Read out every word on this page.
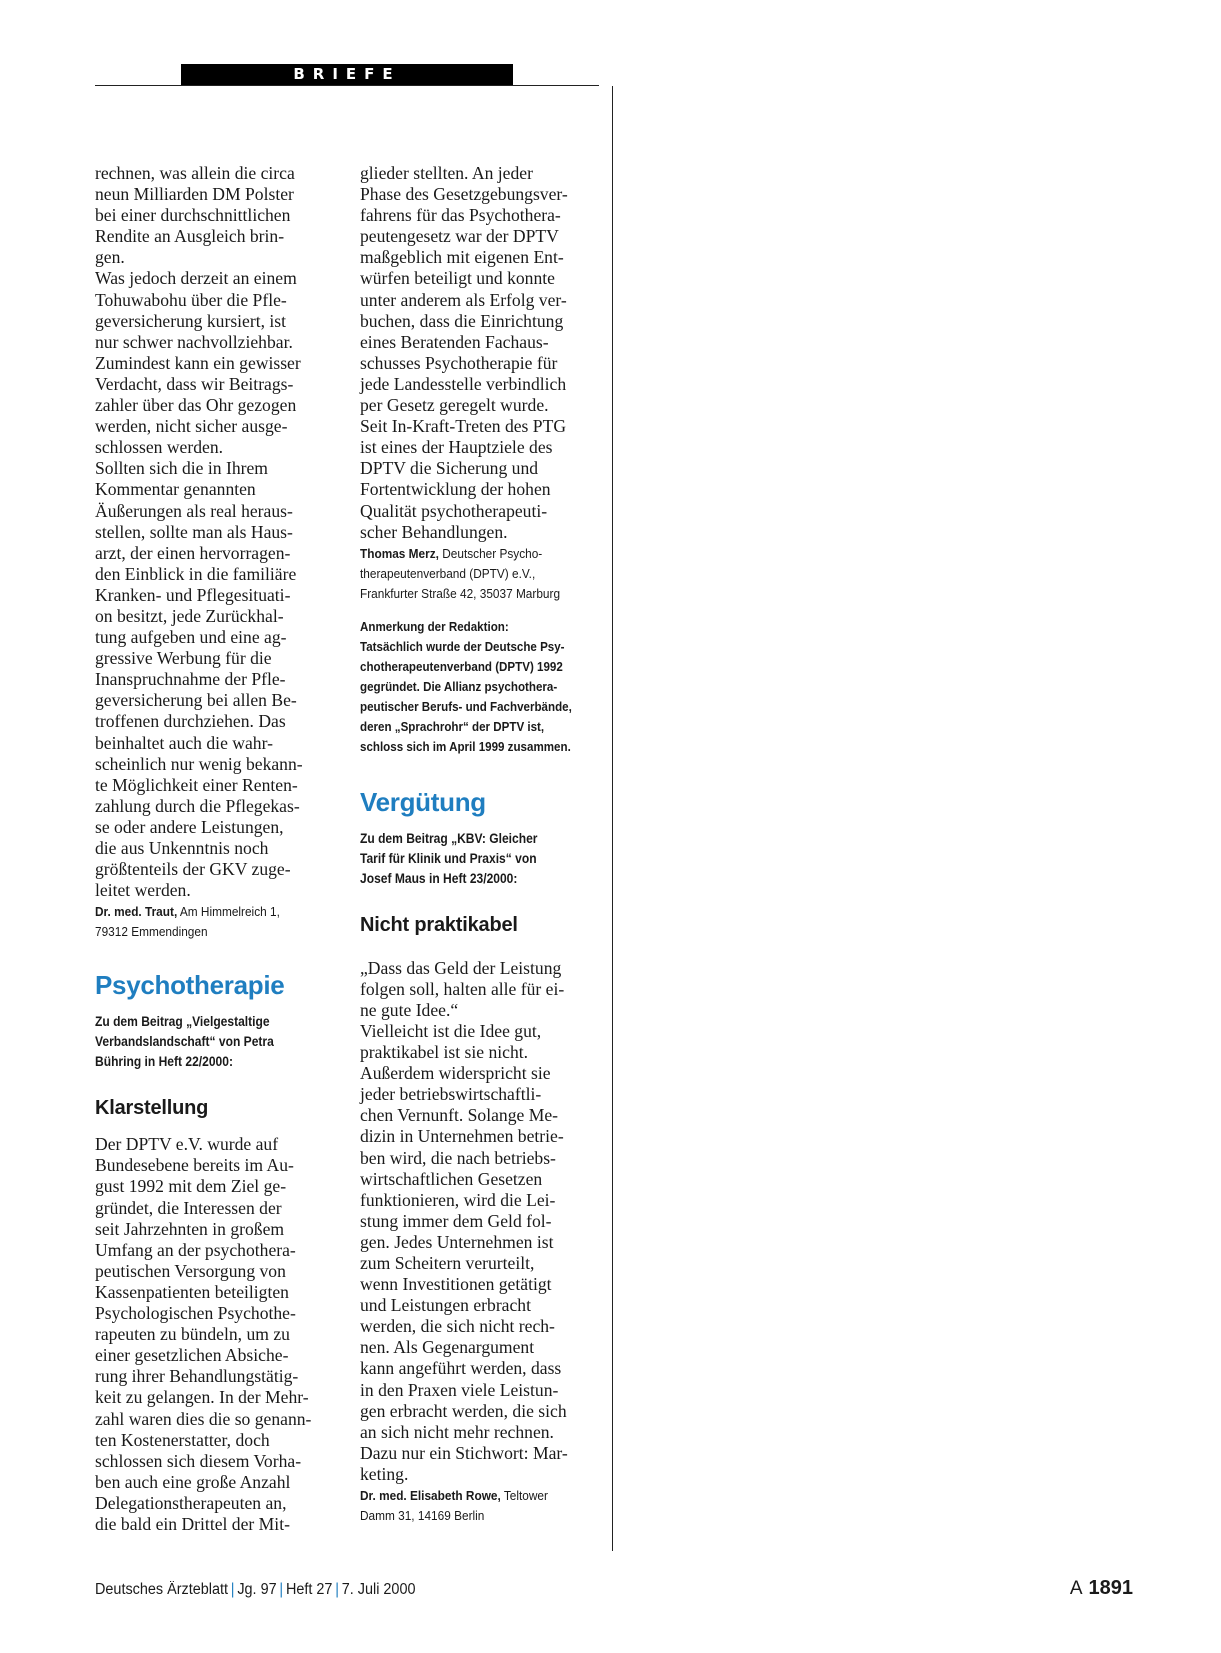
BRIEFE
rechnen, was allein die circa
neun Milliarden DM Polster
bei einer durchschnittlichen
Rendite an Ausgleich brin-
gen.
Was jedoch derzeit an einem
Tohuwabohu über die Pfle-
geversicherung kursiert, ist
nur schwer nachvollziehbar.
Zumindest kann ein gewisser
Verdacht, dass wir Beitrags-
zahler über das Ohr gezogen
werden, nicht sicher ausge-
schlossen werden.
Sollten sich die in Ihrem
Kommentar genannten
Äußerungen als real heraus-
stellen, sollte man als Haus-
arzt, der einen hervorragen-
den Einblick in die familiäre
Kranken- und Pflegesituati-
on besitzt, jede Zurückhal-
tung aufgeben und eine ag-
gressive Werbung für die
Inanspruchnahme der Pfle-
geversicherung bei allen Be-
troffenen durchziehen. Das
beinhaltet auch die wahr-
scheinlich nur wenig bekann-
te Möglichkeit einer Renten-
zahlung durch die Pflegekas-
se oder andere Leistungen,
die aus Unkenntnis noch
größtenteils der GKV zuge-
leitet werden.
Dr. med. Traut, Am Himmelreich 1,
79312 Emmendingen
Psychotherapie
Zu dem Beitrag „Vielgestaltige
Verbandslandschaft“ von Petra
Bühring in Heft 22/2000:
Klarstellung
Der DPTV e.V. wurde auf
Bundesebene bereits im Au-
gust 1992 mit dem Ziel ge-
gründet, die Interessen der
seit Jahrzehnten in großem
Umfang an der psychothera-
peutischen Versorgung von
Kassenpatienten beteiligten
Psychologischen Psychothe-
rapeuten zu bündeln, um zu
einer gesetzlichen Absiche-
rung ihrer Behandlungstätig-
keit zu gelangen. In der Mehr-
zahl waren dies die so genann-
ten Kostenerstatter, doch
schlossen sich diesem Vorha-
ben auch eine große Anzahl
Delegationstherapeuten an,
die bald ein Drittel der Mit-
glieder stellten. An jeder
Phase des Gesetzgebungsver-
fahrens für das Psychothera-
peutengesetz war der DPTV
maßgeblich mit eigenen Ent-
würfen beteiligt und konnte
unter anderem als Erfolg ver-
buchen, dass die Einrichtung
eines Beratenden Fachaus-
schusses Psychotherapie für
jede Landesstelle verbindlich
per Gesetz geregelt wurde.
Seit In-Kraft-Treten des PTG
ist eines der Hauptziele des
DPTV die Sicherung und
Fortentwicklung der hohen
Qualität psychotherapeuti-
scher Behandlungen.
Thomas Merz, Deutscher Psycho-
therapeutenverband (DPTV) e.V.,
Frankfurter Straße 42, 35037 Marburg
Anmerkung der Redaktion:
Tatsächlich wurde der Deutsche Psy-
chotherapeutenverband (DPTV) 1992
gegründet. Die Allianz psychothera-
peutischer Berufs- und Fachverbände,
deren „Sprachrohr“ der DPTV ist,
schloss sich im April 1999 zusammen.
Vergütung
Zu dem Beitrag „KBV: Gleicher
Tarif für Klinik und Praxis“ von
Josef Maus in Heft 23/2000:
Nicht praktikabel
„Dass das Geld der Leistung
folgen soll, halten alle für ei-
ne gute Idee.“
Vielleicht ist die Idee gut,
praktikabel ist sie nicht.
Außerdem widerspricht sie
jeder betriebswirtschaftli-
chen Vernunft. Solange Me-
dizin in Unternehmen betrie-
ben wird, die nach betriebs-
wirtschaftlichen Gesetzen
funktionieren, wird die Lei-
stung immer dem Geld fol-
gen. Jedes Unternehmen ist
zum Scheitern verurteilt,
wenn Investitionen getätigt
und Leistungen erbracht
werden, die sich nicht rech-
nen. Als Gegenargument
kann angeführt werden, dass
in den Praxen viele Leistun-
gen erbracht werden, die sich
an sich nicht mehr rechnen.
Dazu nur ein Stichwort: Mar-
keting.
Dr. med. Elisabeth Rowe, Teltower
Damm 31, 14169 Berlin
Deutsches Ärzteblatt | Jg. 97 | Heft 27 | 7. Juli 2000	A 1891
